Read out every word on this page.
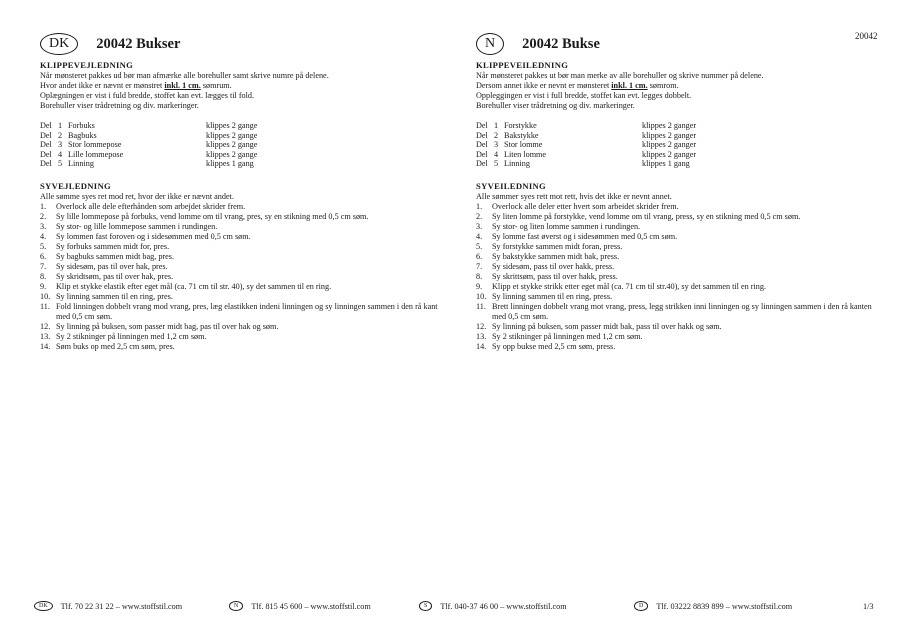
20042
DK	20042 Bukser
KLIPPEVEJLEDNING
Når mønsteret pakkes ud bør man afmærke alle borehuller samt skrive numre på delene.
Hvor andet ikke er nævnt er mønstret inkl. 1 cm. sømrum.
Oplægningen er vist i fuld bredde, stoffet kan evt. lægges til fold.
Borehuller viser trådretning og div. markeringer.
Del	1	Forbuks	klippes 2 gange
Del	2	Bagbuks	klippes 2 gange
Del	3	Stor lommepose	klippes 2 gange
Del	4	Lille lommepose	klippes 2 gange
Del	5	Linning	klippes 1 gang
SYVEJLEDNING
Alle sømme syes ret mod ret, hvor der ikke er nævnt andet.
1.	Overlock alle dele efterhånden som arbejdet skrider frem.
2.	Sy lille lommepose på forbuks, vend lomme om til vrang, pres, sy en stikning med 0,5 cm søm.
3.	Sy stor- og lille lommepose sammen i rundingen.
4.	Sy lommen fast foroven og i sidesømmen med 0,5 cm søm.
5.	Sy forbuks sammen midt for, pres.
6.	Sy bagbuks sammen midt bag, pres.
7.	Sy sidesøm, pas til over hak, pres.
8.	Sy skridtsøm, pas til over hak, pres.
9.	Klip et stykke elastik efter eget mål (ca. 71 cm til str. 40), sy det sammen til en ring.
10. Sy linning sammen til en ring, pres.
11. Fold linningen dobbelt vrang mod vrang, pres, læg elastikken indeni linningen og sy linningen sammen i den rå kant med 0,5 cm søm.
12. Sy linning på buksen, som passer midt bag, pas til over hak og søm.
13. Sy 2 stikninger på linningen med 1,2 cm søm.
14. Søm buks op med 2,5 cm søm, pres.
N	20042 Bukse
KLIPPEVEILEDNING
Når mønsteret pakkes ut bør man merke av alle borehuller og skrive nummer på delene.
Dersom annet ikke er nevnt er mønsteret inkl. 1 cm. sømrom.
Oppleggingen er vist i full bredde, stoffet kan evt. legges dobbelt.
Borehuller viser trådretning og div. markeringer.
Del	1	Forstykke	klippes 2 ganger
Del	2	Bakstykke	klippes 2 ganger
Del	3	Stor lomme	klippes 2 ganger
Del	4	Liten lomme	klippes 2 ganger
Del	5	Linning	klippes 1 gang
SYVEILEDNING
Alle sømmer syes rett mot rett, hvis det ikke er nevnt annet.
1.	Overlock alle deler etter hvert som arbeidet skrider frem.
2.	Sy liten lomme på forstykke, vend lomme om til vrang, press, sy en stikning med 0,5 cm søm.
3.	Sy stor- og liten lomme sammen i rundingen.
4.	Sy lomme fast øverst og i sidesømmen med 0,5 cm søm.
5.	Sy forstykke sammen midt foran, press.
6.	Sy bakstykke sammen midt bak, press.
7.	Sy sidesøm, pass til over hakk, press.
8.	Sy skrittsøm, pass til over hakk, press.
9.	Klipp et stykke strikk etter eget mål (ca. 71 cm til str.40), sy det sammen til en ring.
10. Sy linning sammen til en ring, press.
11. Brett linningen dobbelt vrang mot vrang, press, legg strikken inni linningen og sy linningen sammen i den rå kanten med 0,5 cm søm.
12. Sy linning på buksen, som passer midt bak, pass til over hakk og søm.
13. Sy 2 stikninger på linningen med 1,2 cm søm.
14. Sy opp bukse med 2,5 cm søm, press.
DK	Tlf. 70 22 31 22 – www.stoffstil.com	N	Tlf. 815 45 600 – www.stoffstil.com	S	Tlf. 040-37 46 00 – www.stoffstil.com	D	Tlf. 03222 8839 899 – www.stoffstil.com	1/3
